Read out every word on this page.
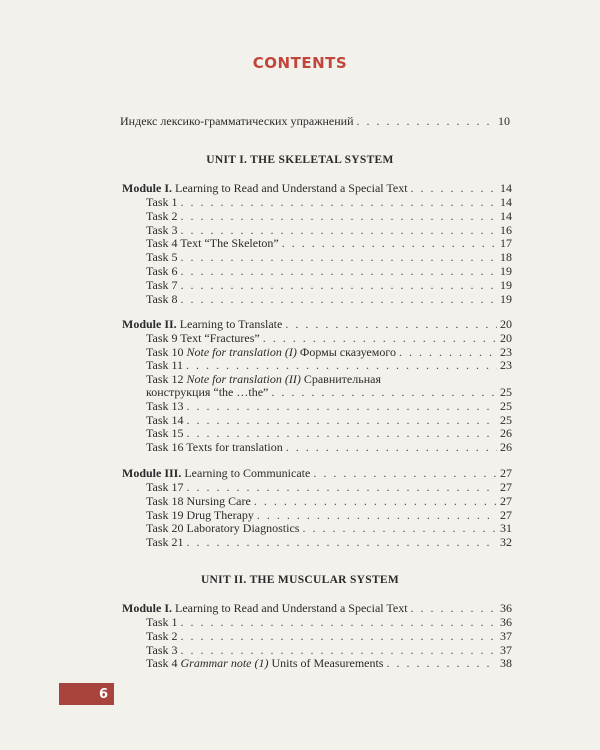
CONTENTS
Индекс лексико-грамматических упражнений . . .	10
UNIT I. THE SKELETAL SYSTEM
Module I. Learning to Read and Understand a Special Text . . .	14
Task 1 . . .	14
Task 2 . . .	14
Task 3 . . .	16
Task 4 Text “The Skeleton” . . .	17
Task 5 . . .	18
Task 6 . . .	19
Task 7 . . .	19
Task 8 . . .	19
Module II. Learning to Translate . . .	20
Task 9 Text “Fractures” . . .	20
Task 10 Note for translation (I) Формы сказуемого . . .	23
Task 11 . . .	23
Task 12 Note for translation (II) Сравнительная
конструкция “the …the” . . .	25
Task 13 . . .	25
Task 14 . . .	25
Task 15 . . .	26
Task 16 Texts for translation . . .	26
Module III. Learning to Communicate . . .	27
Task 17 . . .	27
Task 18 Nursing Care . . .	27
Task 19 Drug Therapy . . .	27
Task 20 Laboratory Diagnostics . . .	31
Task 21 . . .	32
UNIT II. THE MUSCULAR SYSTEM
Module I. Learning to Read and Understand a Special Text . . .	36
Task 1 . . .	36
Task 2 . . .	37
Task 3 . . .	37
Task 4 Grammar note (1) Units of Measurements . . .	38
6
